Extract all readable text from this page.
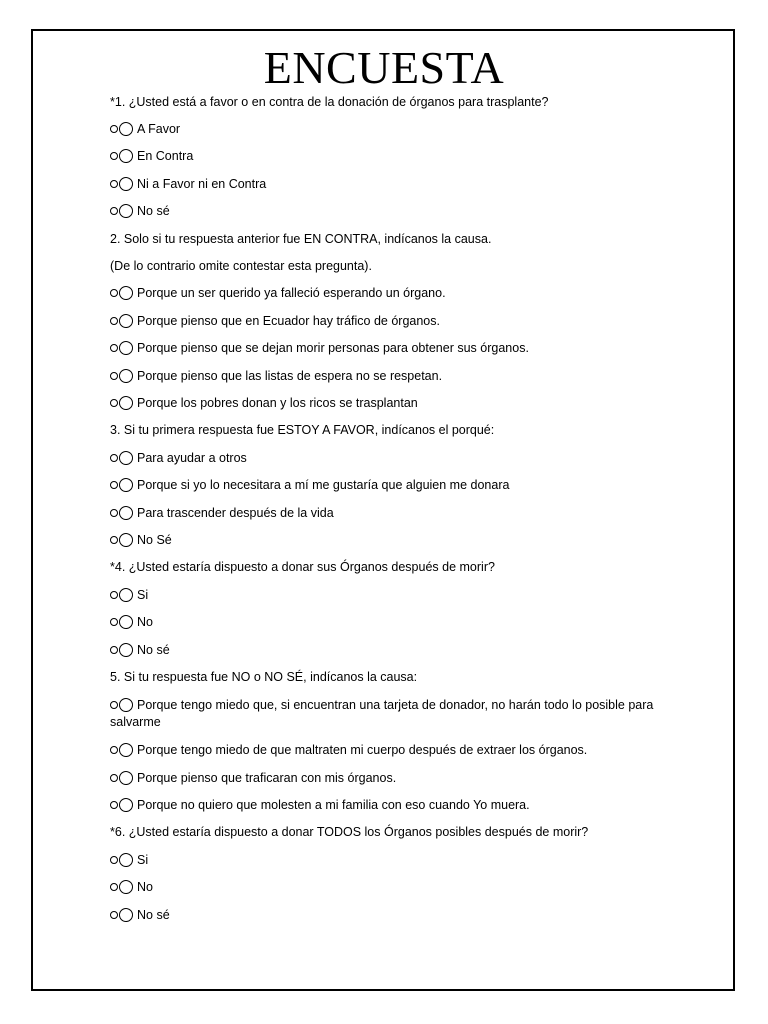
ENCUESTA
*1. ¿Usted está a favor o en contra de la donación de órganos para trasplante?
A Favor
En Contra
Ni a Favor ni en Contra
No sé
2. Solo si tu respuesta anterior fue EN CONTRA, indícanos la causa.
(De lo contrario omite contestar esta pregunta).
Porque un ser querido ya falleció esperando un órgano.
Porque pienso que en Ecuador hay tráfico de órganos.
Porque pienso que se dejan morir personas para obtener sus órganos.
Porque pienso que las listas de espera no se respetan.
Porque los pobres donan y los ricos se trasplantan
3. Si tu primera respuesta fue ESTOY A FAVOR, indícanos el porqué:
Para ayudar a otros
Porque si yo lo necesitara a mí me gustaría que alguien me donara
Para trascender después de la vida
No Sé
*4. ¿Usted estaría dispuesto a donar sus Órganos después de morir?
Si
No
No sé
5. Si tu respuesta fue NO o NO SÉ, indícanos la causa:
Porque tengo miedo que, si encuentran una tarjeta de donador, no harán todo lo posible para salvarme
Porque tengo miedo de que maltraten mi cuerpo después de extraer los órganos.
Porque pienso que traficaran con mis órganos.
Porque no quiero que molesten a mi familia con eso cuando Yo muera.
*6. ¿Usted estaría dispuesto a donar TODOS los Órganos posibles después de morir?
Si
No
No sé
